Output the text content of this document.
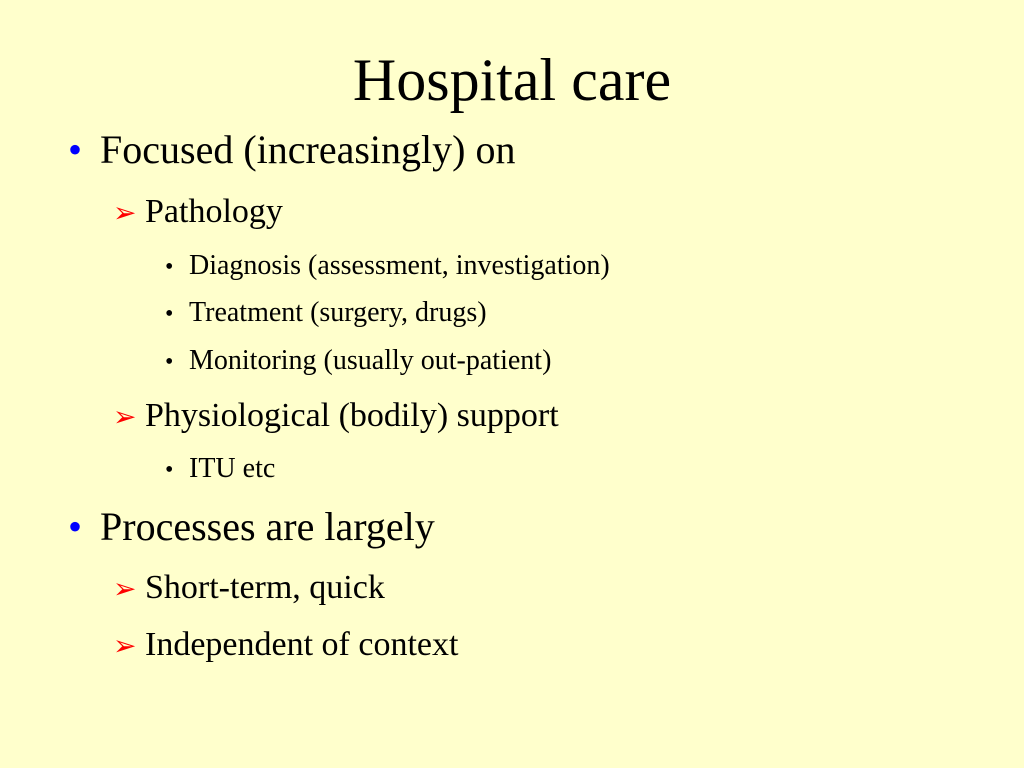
Hospital care
• Focused (increasingly) on
➢ Pathology
• Diagnosis (assessment, investigation)
• Treatment (surgery, drugs)
• Monitoring (usually out-patient)
➢ Physiological (bodily) support
• ITU etc
• Processes are largely
➢ Short-term, quick
➢ Independent of context
